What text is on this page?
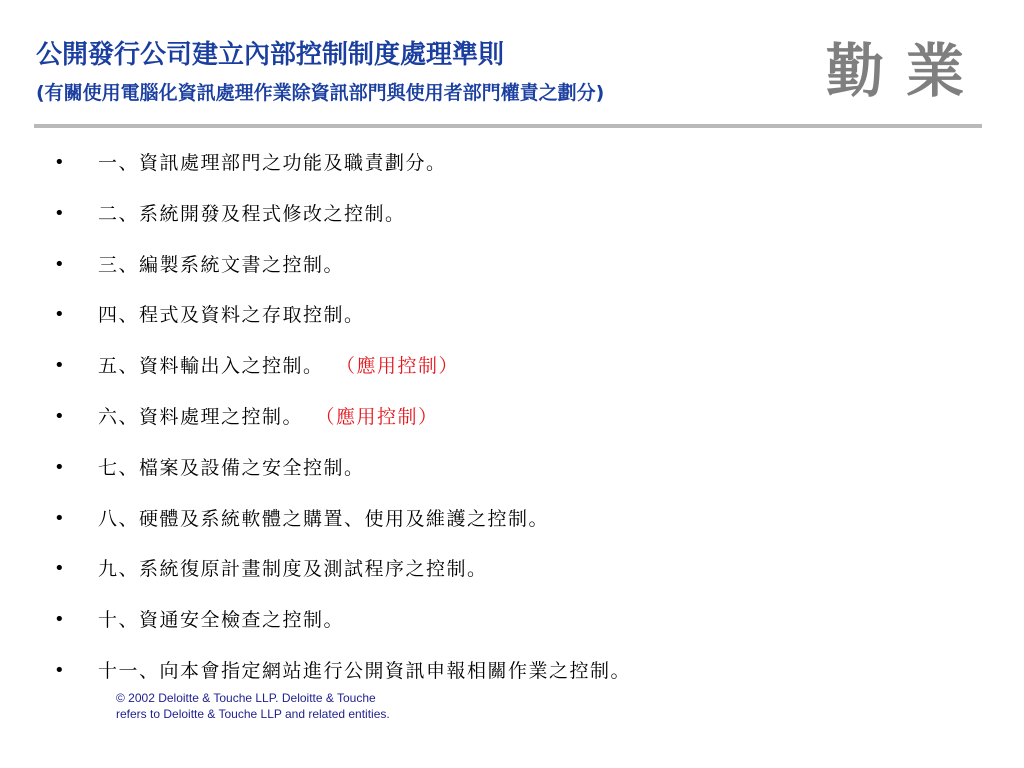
公開發行公司建立內部控制制度處理準則
(有關使用電腦化資訊處理作業除資訊部門與使用者部門權責之劃分)	勤業
• 一、資訊處理部門之功能及職責劃分。
• 二、系統開發及程式修改之控制。
• 三、編製系統文書之控制。
• 四、程式及資料之存取控制。
• 五、資料輸出入之控制。 （應用控制）
• 六、資料處理之控制。 （應用控制）
• 七、檔案及設備之安全控制。
• 八、硬體及系統軟體之購置、使用及維護之控制。
• 九、系統復原計畫制度及測試程序之控制。
• 十、資通安全檢查之控制。
• 十一、向本會指定網站進行公開資訊申報相關作業之控制。

© 2002 Deloitte & Touche LLP. Deloitte & Touche
refers to Deloitte & Touche LLP and related entities.
